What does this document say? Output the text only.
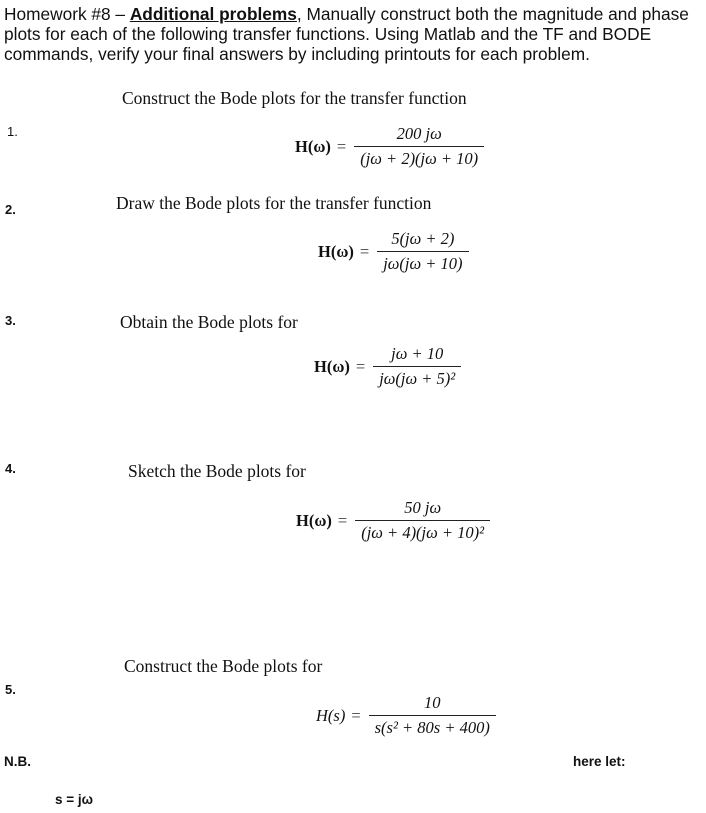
Homework #8 – Additional problems, Manually construct both the magnitude and phase plots for each of the following transfer functions. Using Matlab and the TF and BODE commands, verify your final answers by including printouts for each problem.
1.
Construct the Bode plots for the transfer function
$H(\omega) = \frac{200 j\omega}{(j\omega + 2)(j\omega + 10)}$
2.	Draw the Bode plots for the transfer function
$H(\omega) = \frac{5(j\omega + 2)}{j\omega(j\omega + 10)}$
3.	Obtain the Bode plots for
$H(\omega) = \frac{j\omega + 10}{\text{jω(jω + 5)²}}$
4.	Sketch the Bode plots for
$H(\omega) = \frac{50 j\omega}{\text{(jω + 4)(jω + 10)²}}$
5.
Construct the Bode plots for
$H(s) = \frac{10}{\text{s(s² + 80s + 400)}}$
N.B.	here let:
s = jω
